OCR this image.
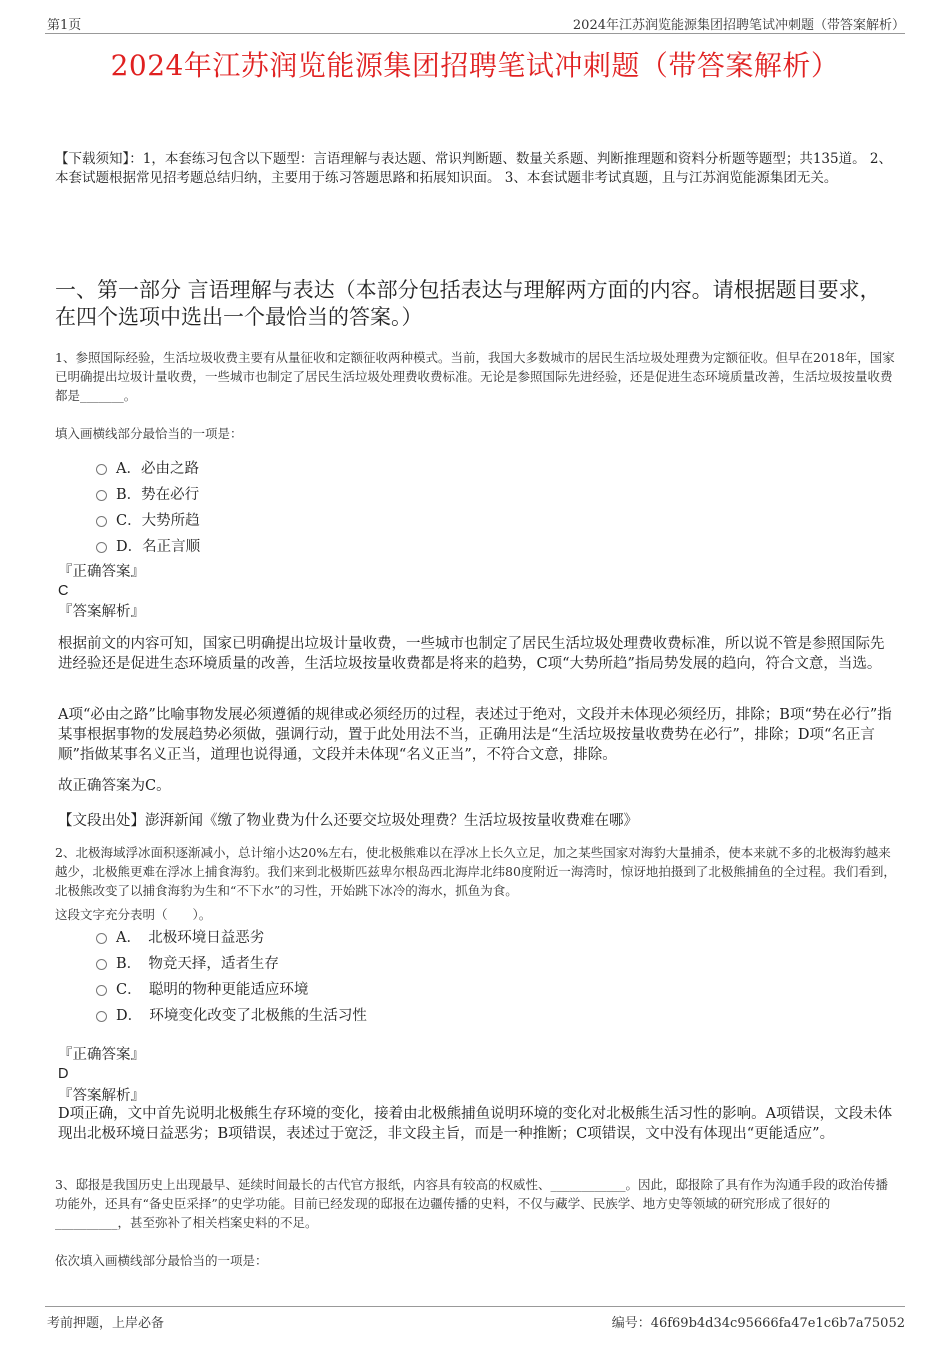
第1页	2024年江苏润览能源集团招聘笔试冲刺题（带答案解析）
2024年江苏润览能源集团招聘笔试冲刺题（带答案解析）
【下载须知】：1，本套练习包含以下题型：言语理解与表达题、常识判断题、数量关系题、判断推理题和资料分析题等题型；共135道。 2、本套试题根据常见招考题总结归纳，主要用于练习答题思路和拓展知识面。 3、本套试题非考试真题，且与江苏润览能源集团无关。
一、第一部分 言语理解与表达（本部分包括表达与理解两方面的内容。请根据题目要求，在四个选项中选出一个最恰当的答案。）
1、参照国际经验，生活垃圾收费主要有从量征收和定额征收两种模式。当前，我国大多数城市的居民生活垃圾处理费为定额征收。但早在2018年，国家已明确提出垃圾计量收费，一些城市也制定了居民生活垃圾处理费收费标准。无论是参照国际先进经验，还是促进生态环境质量改善，生活垃圾按量收费都是_______。
填入画横线部分最恰当的一项是：
A．必由之路
B．势在必行
C．大势所趋
D．名正言顺
『正确答案』
C
『答案解析』
根据前文的内容可知，国家已明确提出垃圾计量收费，一些城市也制定了居民生活垃圾处理费收费标准，所以说不管是参照国际先进经验还是促进生态环境质量的改善，生活垃圾按量收费都是将来的趋势，C项“大势所趋”指局势发展的趋向，符合文意，当选。
A项“必由之路”比喻事物发展必须遵循的规律或必须经历的过程，表述过于绝对，文段并未体现必须经历，排除；B项“势在必行”指某事根据事物的发展趋势必须做，强调行动，置于此处用法不当，正确用法是“生活垃圾按量收费势在必行”，排除；D项“名正言顺”指做某事名义正当，道理也说得通，文段并未体现“名义正当”，不符合文意，排除。
故正确答案为C。
【文段出处】澎湃新闻《缴了物业费为什么还要交垃圾处理费？生活垃圾按量收费难在哪》
2、北极海域浮冰面积逐渐减小，总计缩小达20%左右，使北极熊难以在浮冰上长久立足，加之某些国家对海豹大量捕杀，使本来就不多的北极海豹越来越少，北极熊更难在浮冰上捕食海豹。我们来到北极斯匹兹卑尔根岛西北海岸北纬80度附近一海湾时，惊讶地拍摄到了北极熊捕鱼的全过程。我们看到，北极熊改变了以捕食海豹为生和“不下水”的习性，开始跳下冰冷的海水，抓鱼为食。
这段文字充分表明（　　）。
A．　北极环境日益恶劣
B．　物竞天择，适者生存
C．　聪明的物种更能适应环境
D．　环境变化改变了北极熊的生活习性
『正确答案』
D
『答案解析』
D项正确，文中首先说明北极熊生存环境的变化，接着由北极熊捕鱼说明环境的变化对北极熊生活习性的影响。A项错误，文段未体现出北极环境日益恶劣；B项错误，表述过于宽泛，非文段主旨，而是一种推断；C项错误，文中没有体现出“更能适应”。
3、邸报是我国历史上出现最早、延续时间最长的古代官方报纸，内容具有较高的权威性、____________。因此，邸报除了具有作为沟通手段的政治传播功能外，还具有“备史臣采择”的史学功能。目前已经发现的邸报在边疆传播的史料，不仅与藏学、民族学、地方史等领域的研究形成了很好的__________，甚至弥补了相关档案史料的不足。
依次填入画横线部分最恰当的一项是：
考前押题，上岸必备	编号：46f69b4d34c95666fa47e1c6b7a75052
